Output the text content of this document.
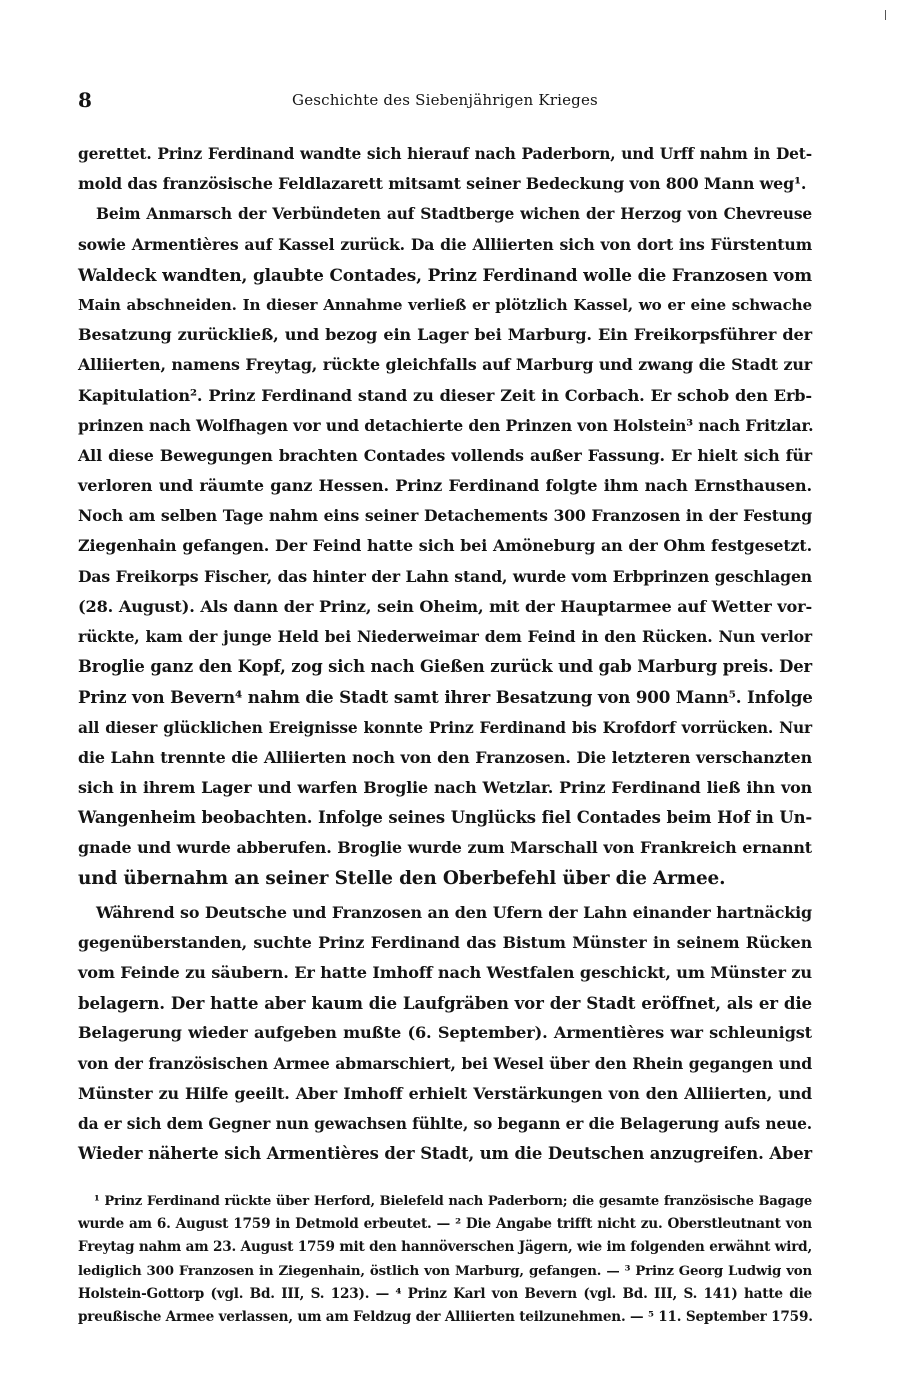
8	Geschichte des Siebenjährigen Krieges
gerettet. Prinz Ferdinand wandte sich hierauf nach Paderborn, und Urff nahm in Det-
mold das französische Feldlazarett mitsamt seiner Bedeckung von 800 Mann weg¹.
Beim Anmarsch der Verbündeten auf Stadtberge wichen der Herzog von Chevreuse
sowie Armentières auf Kassel zurück. Da die Alliierten sich von dort ins Fürstentum
Waldeck wandten, glaubte Contades, Prinz Ferdinand wolle die Franzosen vom
Main abschneiden. In dieser Annahme verließ er plötzlich Kassel, wo er eine schwache
Besatzung zurückließ, und bezog ein Lager bei Marburg. Ein Freikorpsführer der
Alliierten, namens Freytag, rückte gleichfalls auf Marburg und zwang die Stadt zur
Kapitulation². Prinz Ferdinand stand zu dieser Zeit in Corbach. Er schob den Erb-
prinzen nach Wolfhagen vor und detachierte den Prinzen von Holstein³ nach Fritzlar.
All diese Bewegungen brachten Contades vollends außer Fassung. Er hielt sich für
verloren und räumte ganz Hessen. Prinz Ferdinand folgte ihm nach Ernsthausen.
Noch am selben Tage nahm eins seiner Detachements 300 Franzosen in der Festung
Ziegenhain gefangen. Der Feind hatte sich bei Amöneburg an der Ohm festgesetzt.
Das Freikorps Fischer, das hinter der Lahn stand, wurde vom Erbprinzen geschlagen
(28. August). Als dann der Prinz, sein Oheim, mit der Hauptarmee auf Wetter vor-
rückte, kam der junge Held bei Niederweimar dem Feind in den Rücken. Nun verlor
Broglie ganz den Kopf, zog sich nach Gießen zurück und gab Marburg preis. Der
Prinz von Bevern⁴ nahm die Stadt samt ihrer Besatzung von 900 Mann⁵. Infolge
all dieser glücklichen Ereignisse konnte Prinz Ferdinand bis Krofdorf vorrücken. Nur
die Lahn trennte die Alliierten noch von den Franzosen. Die letzteren verschanzten
sich in ihrem Lager und warfen Broglie nach Wetzlar. Prinz Ferdinand ließ ihn von
Wangenheim beobachten. Infolge seines Unglücks fiel Contades beim Hof in Un-
gnade und wurde abberufen. Broglie wurde zum Marschall von Frankreich ernannt
und übernahm an seiner Stelle den Oberbefehl über die Armee.
Während so Deutsche und Franzosen an den Ufern der Lahn einander hartnäckig
gegenüberstanden, suchte Prinz Ferdinand das Bistum Münster in seinem Rücken
vom Feinde zu säubern. Er hatte Imhoff nach Westfalen geschickt, um Münster zu
belagern. Der hatte aber kaum die Laufgräben vor der Stadt eröffnet, als er die
Belagerung wieder aufgeben mußte (6. September). Armentières war schleunigst
von der französischen Armee abmarschiert, bei Wesel über den Rhein gegangen und
Münster zu Hilfe geeilt. Aber Imhoff erhielt Verstärkungen von den Alliierten, und
da er sich dem Gegner nun gewachsen fühlte, so begann er die Belagerung aufs neue.
Wieder näherte sich Armentières der Stadt, um die Deutschen anzugreifen. Aber
¹ Prinz Ferdinand rückte über Herford, Bielefeld nach Paderborn; die gesamte französische Bagage
wurde am 6. August 1759 in Detmold erbeutet. — ² Die Angabe trifft nicht zu. Oberstleutnant von
Freytag nahm am 23. August 1759 mit den hannöverschen Jägern, wie im folgenden erwähnt wird,
lediglich 300 Franzosen in Ziegenhain, östlich von Marburg, gefangen. — ³ Prinz Georg Ludwig von
Holstein-Gottorp (vgl. Bd. III, S. 123). — ⁴ Prinz Karl von Bevern (vgl. Bd. III, S. 141) hatte die
preußische Armee verlassen, um am Feldzug der Alliierten teilzunehmen. — ⁵ 11. September 1759.
